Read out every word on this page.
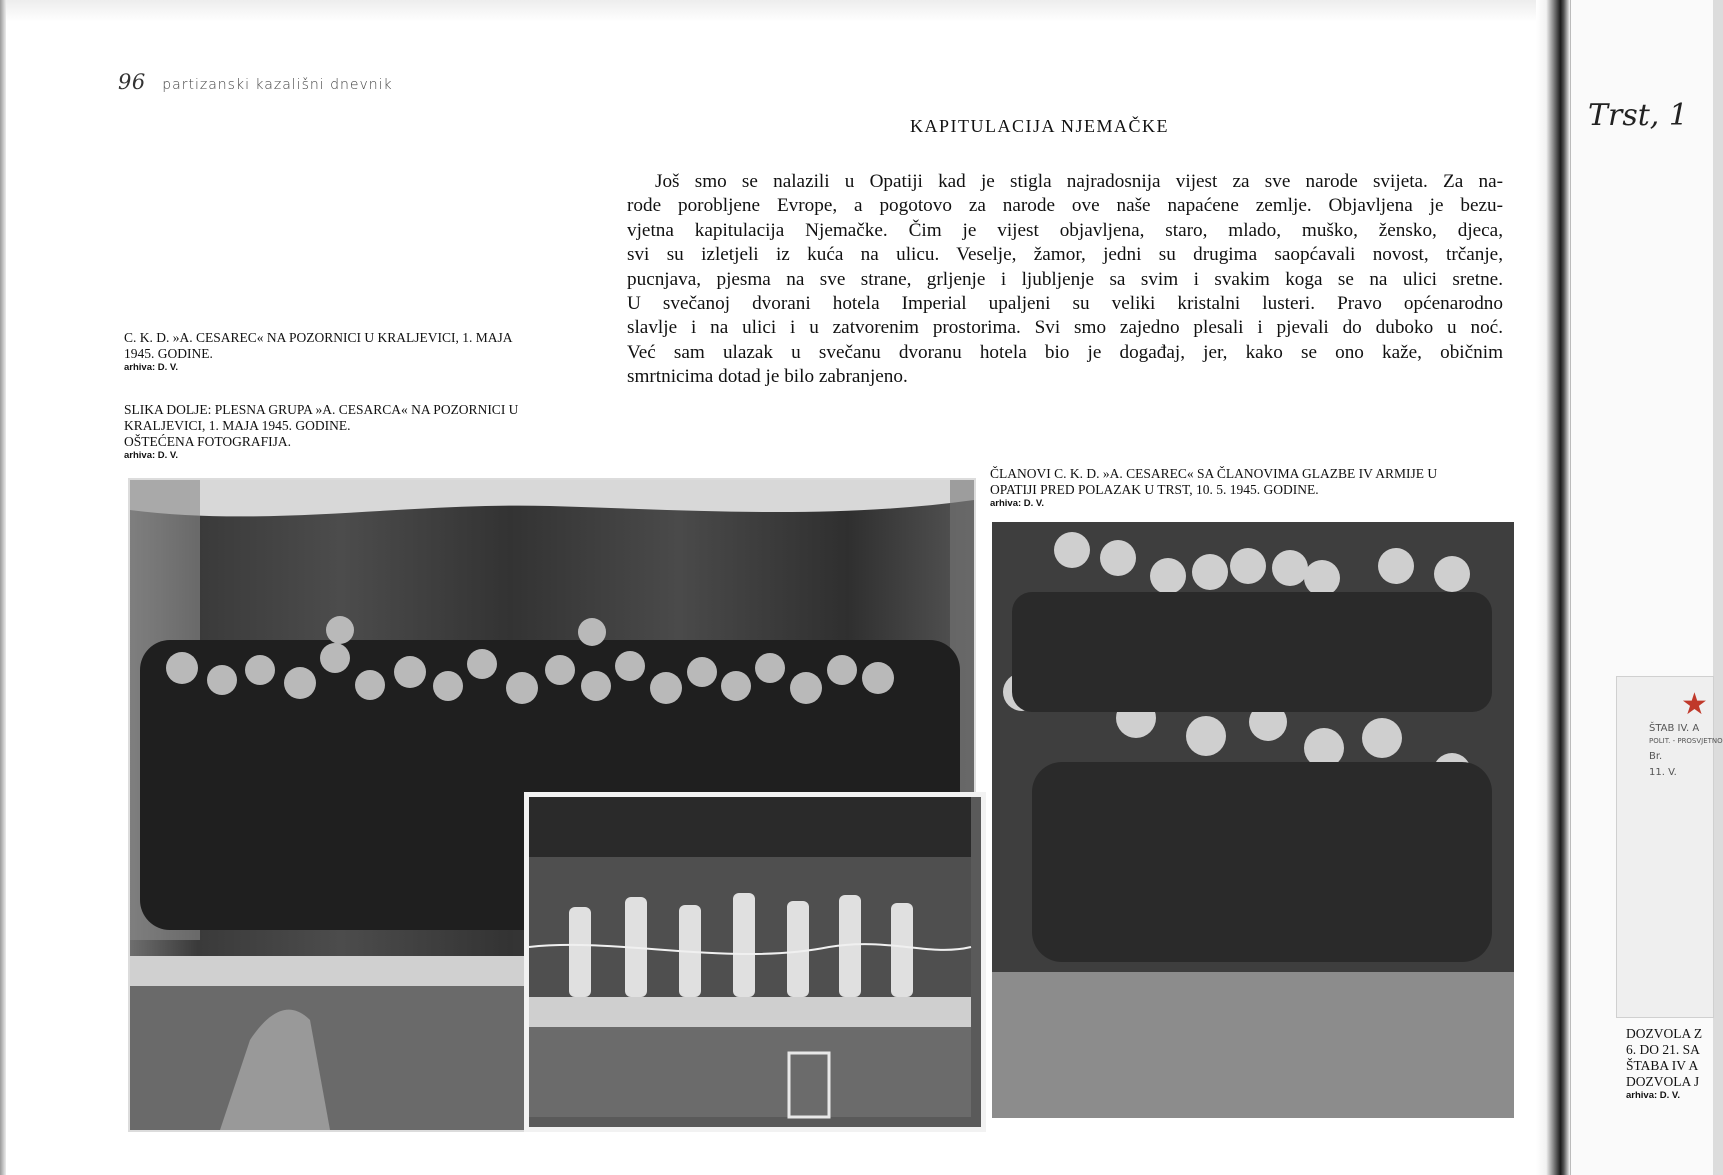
96 partizanski kazališni dnevnik
KAPITULACIJA NJEMAČKE
Još smo se nalazili u Opatiji kad je stigla najradosnija vijest za sve narode svijeta. Za na-
rode porobljene Evrope, a pogotovo za narode ove naše napaćene zemlje. Objavljena je bezu-
vjetna kapitulacija Njemačke. Čim je vijest objavljena, staro, mlado, muško, žensko, djeca,
svi su izletjeli iz kuća na ulicu. Veselje, žamor, jedni su drugima saopćavali novost, trčanje,
pucnjava, pjesma na sve strane, grljenje i ljubljenje sa svim i svakim koga se na ulici sretne.
U svečanoj dvorani hotela Imperial upaljeni su veliki kristalni lusteri. Pravo općenarodno
slavlje i na ulici i u zatvorenim prostorima. Svi smo zajedno plesali i pjevali do duboko u noć.
Već sam ulazak u svečanu dvoranu hotela bio je događaj, jer, kako se ono kaže, običnim
smrtnicima dotad je bilo zabranjeno.
C. K. D. »A. CESAREC« NA POZORNICI U KRALJEVICI, 1. MAJA
1945. GODINE.
arhiva: D. V.
SLIKA DOLJE: PLESNA GRUPA »A. CESARCA« NA POZORNICI U
KRALJEVICI, 1. MAJA 1945. GODINE.
OŠTEĆENA FOTOGRAFIJA.
arhiva: D. V.
ČLANOVI C. K. D. »A. CESAREC« SA ČLANOVIMA GLAZBE IV ARMIJE U
OPATIJI PRED POLAZAK U TRST, 10. 5. 1945. GODINE.
arhiva: D. V.
Trst, 1
★
ŠTAB IV. A
POLIT. - PROSVJETNO
Br.
11. V.
DOZVOLA Z
6. DO 21. SA
ŠTABA IV A
DOZVOLA J
arhiva: D. V.
